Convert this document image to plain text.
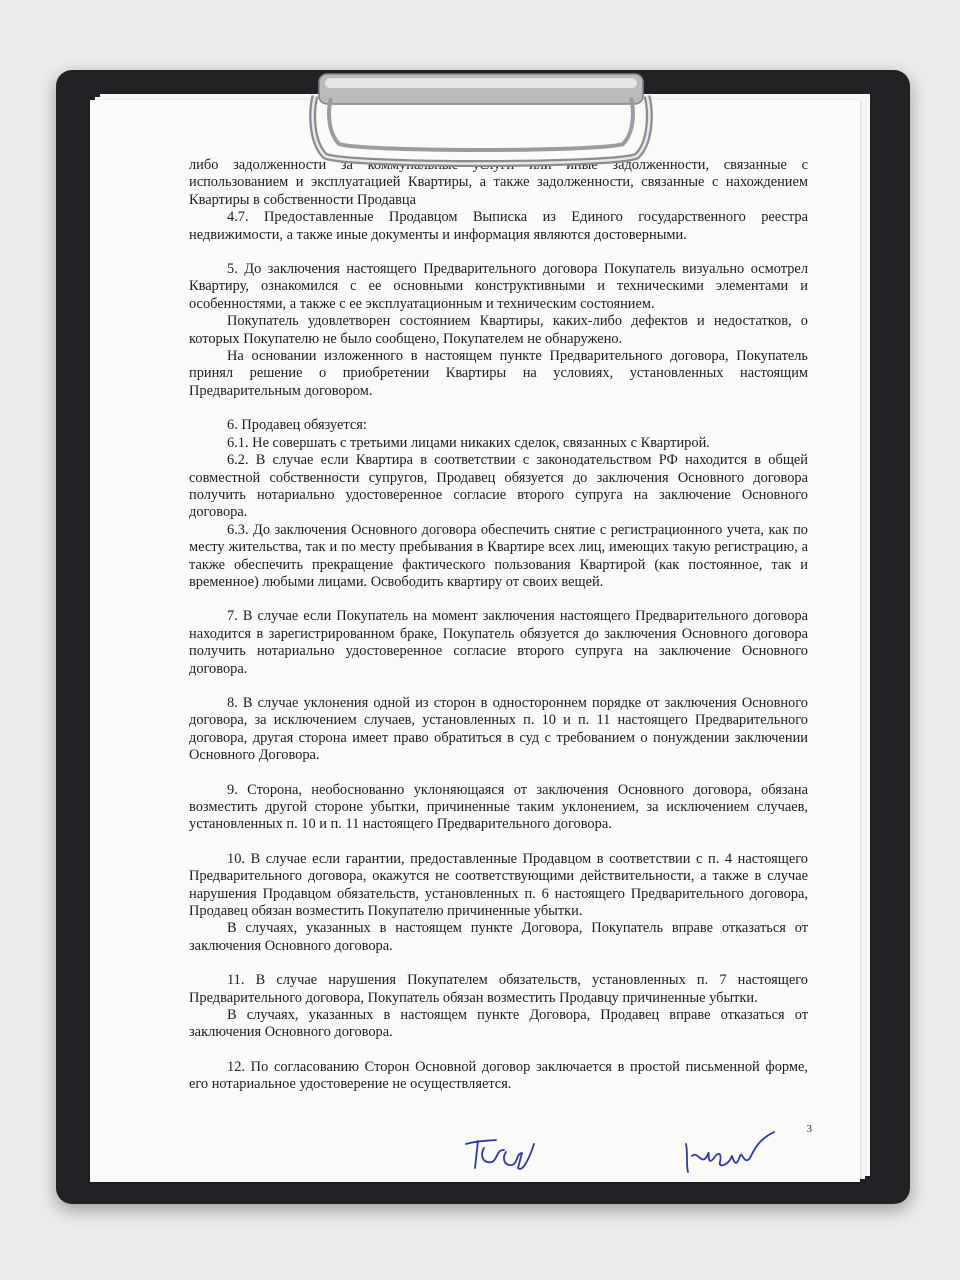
либо задолженности за коммунальные услуги или иные задолженности, связанные с использованием и эксплуатацией Квартиры, а также задолженности, связанные с нахождением Квартиры в собственности Продавца

4.7. Предоставленные Продавцом Выписка из Единого государственного реестра недвижимости, а также иные документы и информация являются достоверными.

5. До заключения настоящего Предварительного договора Покупатель визуально осмотрел Квартиру, ознакомился с ее основными конструктивными и техническими элементами и особенностями, а также с ее эксплуатационным и техническим состоянием.

Покупатель удовлетворен состоянием Квартиры, каких-либо дефектов и недостатков, о которых Покупателю не было сообщено, Покупателем не обнаружено.

На основании изложенного в настоящем пункте Предварительного договора, Покупатель принял решение о приобретении Квартиры на условиях, установленных настоящим Предварительным договором.

6. Продавец обязуется:

6.1. Не совершать с третьими лицами никаких сделок, связанных с Квартирой.

6.2. В случае если Квартира в соответствии с законодательством РФ находится в общей совместной собственности супругов, Продавец обязуется до заключения Основного договора получить нотариально удостоверенное согласие второго супруга на заключение Основного договора.

6.3. До заключения Основного договора обеспечить снятие с регистрационного учета, как по месту жительства, так и по месту пребывания в Квартире всех лиц, имеющих такую регистрацию, а также обеспечить прекращение фактического пользования Квартирой (как постоянное, так и временное) любыми лицами. Освободить квартиру от своих вещей.

7. В случае если Покупатель на момент заключения настоящего Предварительного договора находится в зарегистрированном браке, Покупатель обязуется до заключения Основного договора получить нотариально удостоверенное согласие второго супруга на заключение Основного договора.

8. В случае уклонения одной из сторон в одностороннем порядке от заключения Основного договора, за исключением случаев, установленных п. 10 и п. 11 настоящего Предварительного договора, другая сторона имеет право обратиться в суд с требованием о понуждении заключении Основного Договора.

9. Сторона, необоснованно уклоняющаяся от заключения Основного договора, обязана возместить другой стороне убытки, причиненные таким уклонением, за исключением случаев, установленных п. 10 и п. 11 настоящего Предварительного договора.

10. В случае если гарантии, предоставленные Продавцом в соответствии с п. 4 настоящего Предварительного договора, окажутся не соответствующими действительности, а также в случае нарушения Продавцом обязательств, установленных п. 6 настоящего Предварительного договора, Продавец обязан возместить Покупателю причиненные убытки.

В случаях, указанных в настоящем пункте Договора, Покупатель вправе отказаться от заключения Основного договора.

11. В случае нарушения Покупателем обязательств, установленных п. 7 настоящего Предварительного договора, Покупатель обязан возместить Продавцу причиненные убытки.

В случаях, указанных в настоящем пункте Договора, Продавец вправе отказаться от заключения Основного договора.

12. По согласованию Сторон Основной договор заключается в простой письменной форме, его нотариальное удостоверение не осуществляется.

3
